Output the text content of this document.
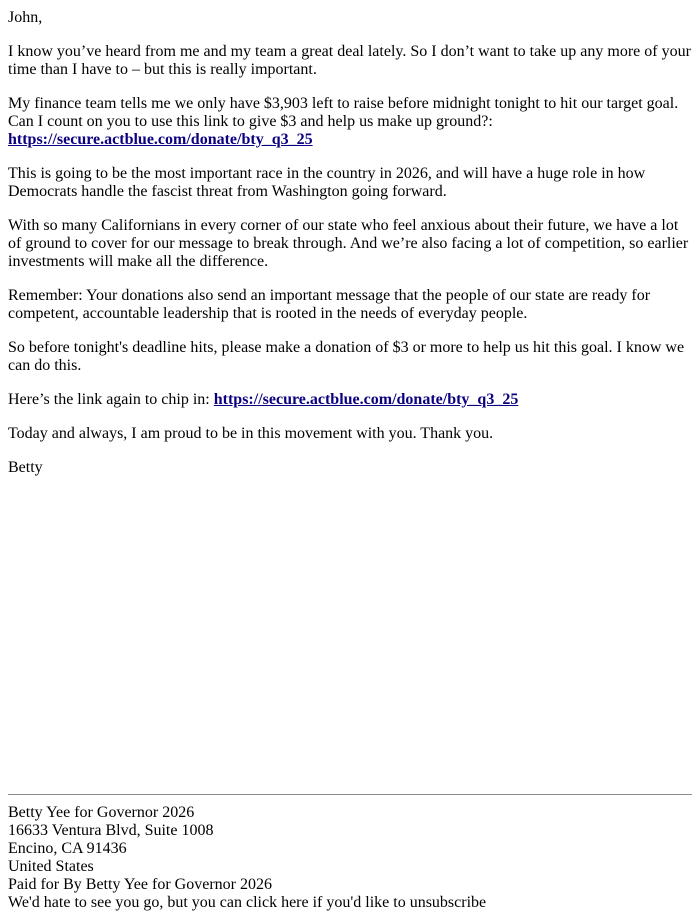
John,

I know you’ve heard from me and my team a great deal lately. So I don’t want to take up any more of your time than I have to – but this is really important.

My finance team tells me we only have $3,903 left to raise before midnight tonight to hit our target goal. Can I count on you to use this link to give $3 and help us make up ground?:
https://secure.actblue.com/donate/bty_q3_25

This is going to be the most important race in the country in 2026, and will have a huge role in how Democrats handle the fascist threat from Washington going forward.

With so many Californians in every corner of our state who feel anxious about their future, we have a lot of ground to cover for our message to break through. And we’re also facing a lot of competition, so earlier investments will make all the difference.

Remember: Your donations also send an important message that the people of our state are ready for competent, accountable leadership that is rooted in the needs of everyday people.

So before tonight's deadline hits, please make a donation of $3 or more to help us hit this goal. I know we can do this.

Here’s the link again to chip in: https://secure.actblue.com/donate/bty_q3_25

Today and always, I am proud to be in this movement with you. Thank you.

Betty

Betty Yee for Governor 2026
16633 Ventura Blvd, Suite 1008
Encino, CA 91436
United States
Paid for By Betty Yee for Governor 2026
We'd hate to see you go, but you can click here if you'd like to unsubscribe
